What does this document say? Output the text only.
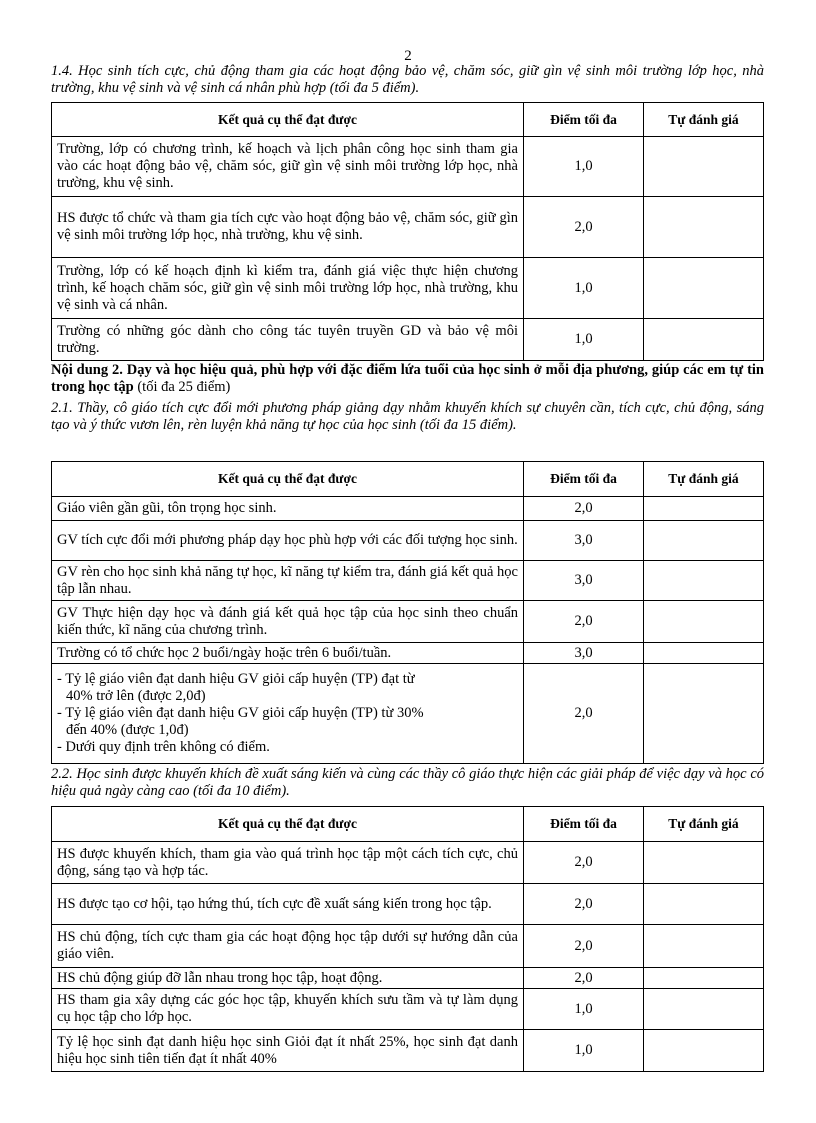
2
1.4. Học sinh tích cực, chủ động tham gia các hoạt động bảo vệ, chăm sóc, giữ gìn vệ sinh môi trường lớp học, nhà trường, khu vệ sinh và vệ sinh cá nhân phù hợp (tối đa 5 điểm).
Kết quả cụ thể đạt được	Điểm tối đa	Tự đánh giá
Trường, lớp có chương trình, kế hoạch và lịch phân công học sinh tham gia vào các hoạt động bảo vệ, chăm sóc, giữ gìn vệ sinh môi trường lớp học, nhà trường, khu vệ sinh.	1,0	
HS được tổ chức và tham gia tích cực vào hoạt động bảo vệ, chăm sóc, giữ gìn vệ sinh môi trường lớp học, nhà trường, khu vệ sinh.	2,0	
Trường, lớp có kế hoạch định kì kiểm tra, đánh giá việc thực hiện chương trình, kế hoạch chăm sóc, giữ gìn vệ sinh môi trường lớp học, nhà trường, khu vệ sinh và cá nhân.	1,0	
Trường có những góc dành cho công tác tuyên truyền GD và bảo vệ môi trường.	1,0	
Nội dung 2. Dạy và học hiệu quả, phù hợp với đặc điểm lứa tuổi của học sinh ở mỗi địa phương, giúp các em tự tin trong học tập (tối đa 25 điểm)
2.1. Thầy, cô giáo tích cực đổi mới phương pháp giảng dạy nhằm khuyến khích sự chuyên cần, tích cực, chủ động, sáng tạo và ý thức vươn lên, rèn luyện khả năng tự học của học sinh (tối đa 15 điểm).
Kết quả cụ thể đạt được	Điểm tối đa	Tự đánh giá
Giáo viên gần gũi, tôn trọng học sinh.	2,0	
GV tích cực đổi mới phương pháp dạy học phù hợp với các đối tượng học sinh.	3,0	
GV rèn cho học sinh khả năng tự học, kĩ năng tự kiểm tra, đánh giá kết quả học tập lẫn nhau.	3,0	
GV Thực hiện dạy học và đánh giá kết quả học tập của học sinh theo chuẩn kiến thức, kĩ năng của chương trình.	2,0	
Trường có tổ chức học 2 buổi/ngày hoặc trên 6 buổi/tuần.	3,0	

- Tỷ lệ giáo viên đạt danh hiệu GV giỏi cấp huyện (TP) đạt từ
40% trở lên (được 2,0đ)
- Tỷ lệ giáo viên đạt danh hiệu GV giỏi cấp huyện (TP) từ 30%
đến 40% (được 1,0đ)
- Dưới quy định trên không có điểm.	2,0	
2.2. Học sinh được khuyến khích đề xuất sáng kiến và cùng các thầy cô giáo thực hiện các giải pháp để việc dạy và học có hiệu quả ngày càng cao (tối đa 10 điểm).
Kết quả cụ thể đạt được	Điểm tối đa	Tự đánh giá
HS được khuyến khích, tham gia vào quá trình học tập một cách tích cực, chủ động, sáng tạo và hợp tác.	2,0	
HS được tạo cơ hội, tạo hứng thú, tích cực đề xuất sáng kiến trong học tập.	2,0	
HS chủ động, tích cực tham gia các hoạt động học tập dưới sự hướng dẫn của giáo viên.	2,0	
HS chủ động giúp đỡ lẫn nhau trong học tập, hoạt động.	2,0	
HS tham gia xây dựng các góc học tập, khuyến khích sưu tầm và tự làm dụng cụ học tập cho lớp học.	1,0	
Tỷ lệ học sinh đạt danh hiệu học sinh Giỏi đạt ít nhất 25%, học sinh đạt danh hiệu học sinh tiên tiến đạt ít nhất 40%	1,0	
